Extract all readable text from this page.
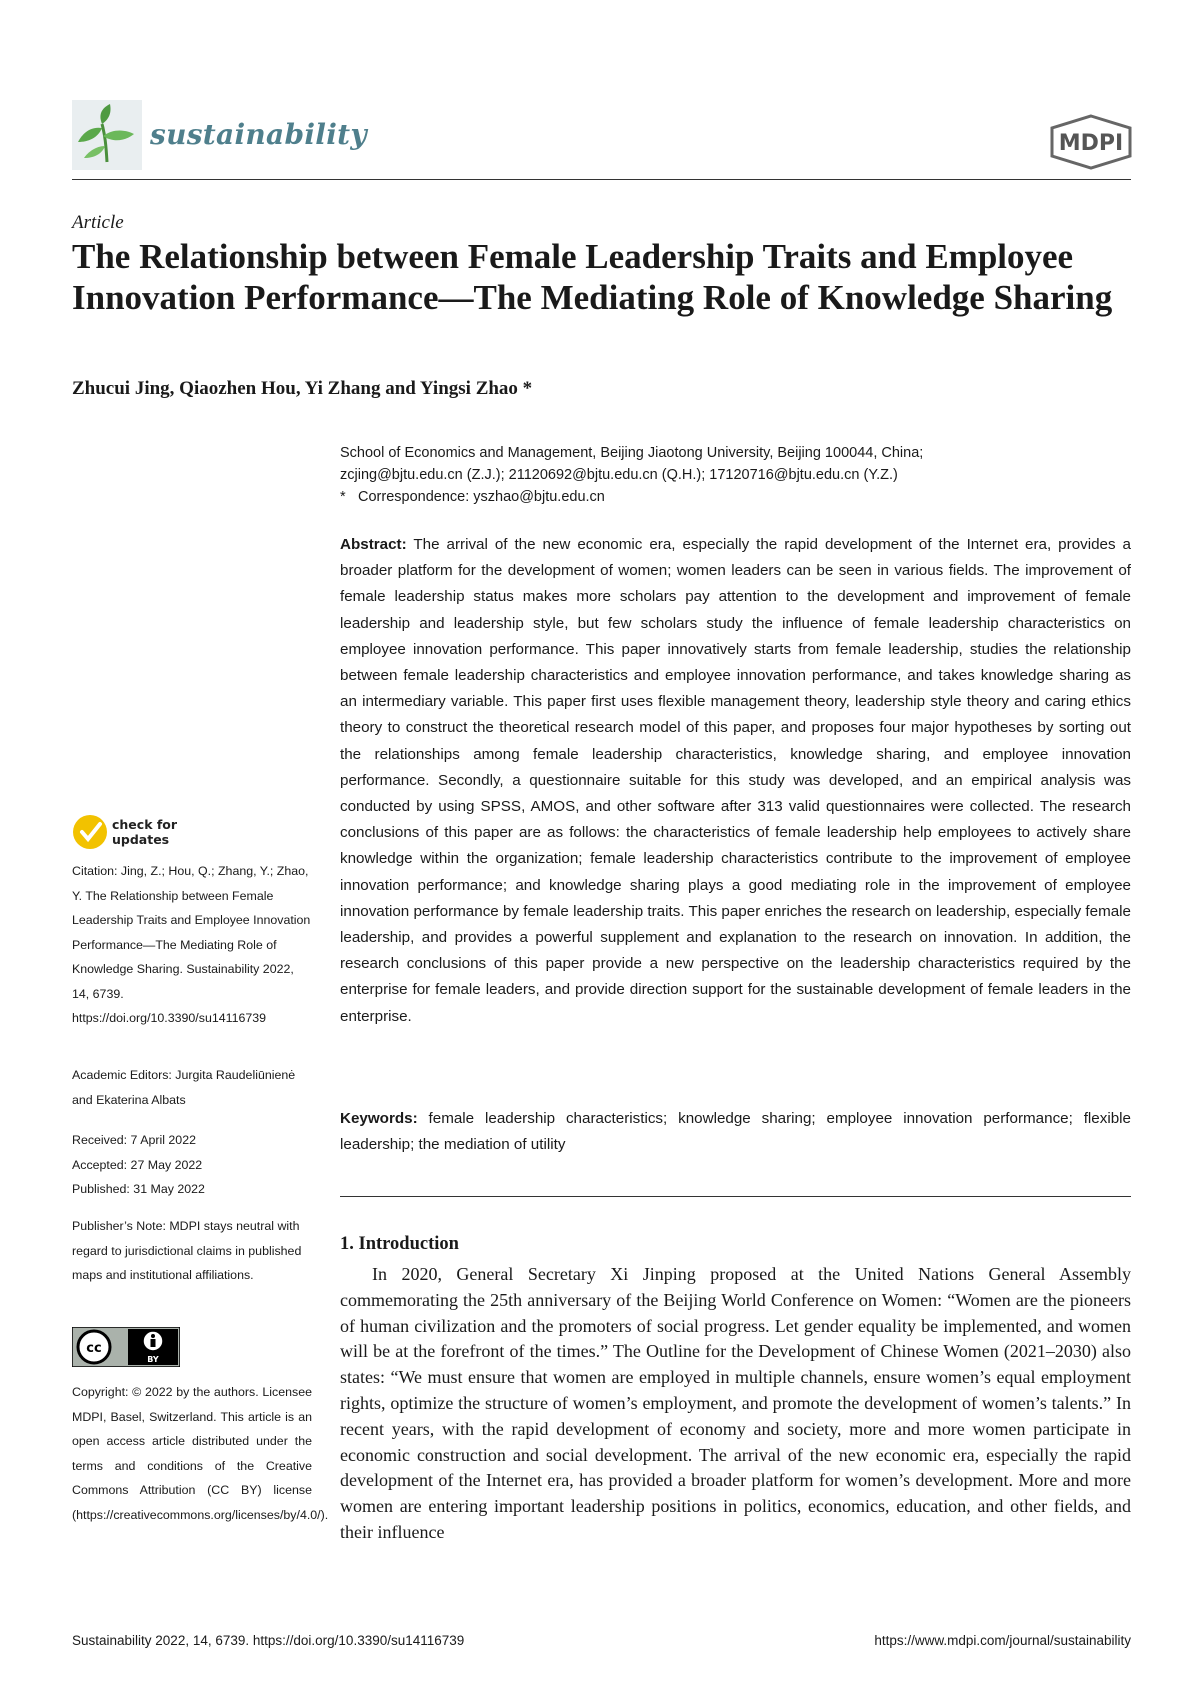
sustainability	MDPI
Article
The Relationship between Female Leadership Traits and Employee Innovation Performance—The Mediating Role of Knowledge Sharing
Zhucui Jing, Qiaozhen Hou, Yi Zhang and Yingsi Zhao *
School of Economics and Management, Beijing Jiaotong University, Beijing 100044, China;
zcjing@bjtu.edu.cn (Z.J.); 21120692@bjtu.edu.cn (Q.H.); 17120716@bjtu.edu.cn (Y.Z.)
* Correspondence: yszhao@bjtu.edu.cn
Abstract: The arrival of the new economic era, especially the rapid development of the Internet era, provides a broader platform for the development of women; women leaders can be seen in various fields. The improvement of female leadership status makes more scholars pay attention to the development and improvement of female leadership and leadership style, but few scholars study the influence of female leadership characteristics on employee innovation performance. This paper innovatively starts from female leadership, studies the relationship between female leadership characteristics and employee innovation performance, and takes knowledge sharing as an intermediary variable. This paper first uses flexible management theory, leadership style theory and caring ethics theory to construct the theoretical research model of this paper, and proposes four major hypotheses by sorting out the relationships among female leadership characteristics, knowledge sharing, and employee innovation performance. Secondly, a questionnaire suitable for this study was developed, and an empirical analysis was conducted by using SPSS, AMOS, and other software after 313 valid questionnaires were collected. The research conclusions of this paper are as follows: the characteristics of female leadership help employees to actively share knowledge within the organization; female leadership characteristics contribute to the improvement of employee innovation performance; and knowledge sharing plays a good mediating role in the improvement of employee innovation performance by female leadership traits. This paper enriches the research on leadership, especially female leadership, and provides a powerful supplement and explanation to the research on innovation. In addition, the research conclusions of this paper provide a new perspective on the leadership characteristics required by the enterprise for female leaders, and provide direction support for the sustainable development of female leaders in the enterprise.
Keywords: female leadership characteristics; knowledge sharing; employee innovation performance; flexible leadership; the mediation of utility
1. Introduction
In 2020, General Secretary Xi Jinping proposed at the United Nations General Assembly commemorating the 25th anniversary of the Beijing World Conference on Women: “Women are the pioneers of human civilization and the promoters of social progress. Let gender equality be implemented, and women will be at the forefront of the times.” The Outline for the Development of Chinese Women (2021–2030) also states: “We must ensure that women are employed in multiple channels, ensure women’s equal employment rights, optimize the structure of women’s employment, and promote the development of women’s talents.” In recent years, with the rapid development of economy and society, more and more women participate in economic construction and social development. The arrival of the new economic era, especially the rapid development of the Internet era, has provided a broader platform for women’s development. More and more women are entering important leadership positions in politics, economics, education, and other fields, and their influence
check for
updates
Citation: Jing, Z.; Hou, Q.; Zhang, Y.; Zhao, Y. The Relationship between Female Leadership Traits and Employee Innovation Performance—The Mediating Role of Knowledge Sharing. Sustainability 2022, 14, 6739. https://doi.org/10.3390/su14116739
Academic Editors: Jurgita Raudeliūnienė and Ekaterina Albats
Received: 7 April 2022
Accepted: 27 May 2022
Published: 31 May 2022
Publisher’s Note: MDPI stays neutral with regard to jurisdictional claims in published maps and institutional affiliations.
cc
BY
Copyright: © 2022 by the authors. Licensee MDPI, Basel, Switzerland. This article is an open access article distributed under the terms and conditions of the Creative Commons Attribution (CC BY) license (https://creativecommons.org/licenses/by/4.0/).
Sustainability 2022, 14, 6739. https://doi.org/10.3390/su14116739	https://www.mdpi.com/journal/sustainability
